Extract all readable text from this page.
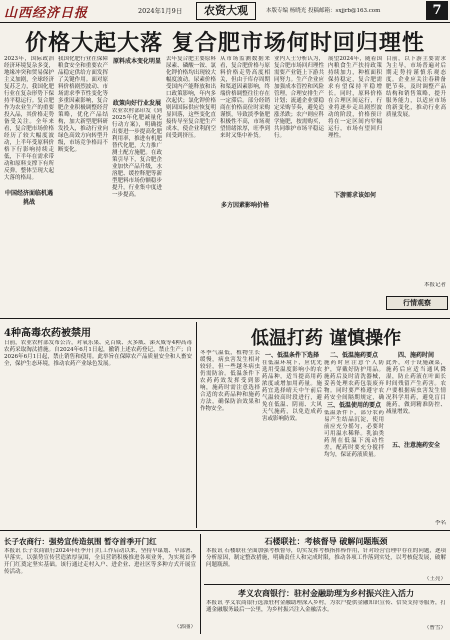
山西经济日报	2024年1月9日	农资大观	本版专编 杨晓光 投稿邮箱：sxjjrb@163.com	7
价格大起大落 复合肥市场何时回归理性
2023年，国际政治经济环境复杂多变，地缘冲突和贸易保护主义加剧，全球经济复苏乏力，我国化肥行业在复杂形势下保持平稳运行。复合肥作为农业生产的重要投入品，其价格走势备受关注。全年来看，复合肥市场价格经历了较大幅度波动，上半年受原料价格下行影响持续走低，下半年在需求带动和原料支撑下有所反弹，整体呈现大起大落的格局。
中国经济面临机遇挑战
我国化肥行业在保障粮食安全和重要农产品稳定供给方面发挥了关键作用。面对原料价格剧烈波动、市场需求季节性变化等多重因素影响，复合肥企业积极调整经营策略，优化产品结构，加大新型肥料研发投入，推动行业向绿色高效方向转型升级，市场竞争格局不断变化。
政策向好行业发展
农业农村部印发《到2025年化肥减量化行动方案》，明确提出要进一步提高化肥利用率，推进有机肥替代化肥，大力推广测土配方施肥。在政策引导下，复合肥企业加快产品升级，水溶肥、缓控释肥等新型肥料市场份额稳步提升，行业集中度进一步提高。
原料成本变化明显 去年复合肥主要原料尿素、磷酸一铵、氯化钾价格均出现较大幅度波动。尿素价格受国内产能释放和出口政策影响，年内多次起伏；氯化钾价格则因国际供应恢复明显回落，这些变化直接传导至复合肥生产成本，使企业利润空间受到挤压。
从市场监测数据来看，复合肥价格与原料价格走势高度相关，但由于库存周期和渠道因素影响，终端价格调整往往存在一定滞后。部分经销商在价格高位时采购谨慎，导致淡季备肥积极性不高，市场观望情绪浓厚，旺季到来时又集中补货。
多方因素影响价格
业内人士分析认为，复合肥市场回归理性需要产业链上下游共同努力。生产企业应加强成本管控和风险管理，合理安排生产计划；流通企业要稳定采购节奏，避免追涨杀跌；农户则应科学施肥，按需购买，共同维护市场平稳运行。
展望2024年，随着国内粮食生产扶持政策持续加力，种植面积保持稳定，复合肥需求有望保持平稳增长。同时，原料价格在合理区间运行，行业将逐步走出剧烈波动的阶段，价格预计将在一定区间内窄幅运行，市场有望回归理性。
下游需求该如何
目前，以下游主要需求为主导，市场普遍对后期走势持谨慎乐观态度。企业应关注春耕备肥节奏，及时调整产品结构和销售策略，提升服务能力，以适应市场的新变化，推动行业高质量发展。
本报记者
行情观察
4种高毒农药被禁用
日前，农业农村部发布公告，对氧乐果、克百威、灭多威、涕灭威等4种高毒农药采取淘汰措施。自2024年6月1日起，撤销上述农药登记，禁止生产；自2026年6月1日起，禁止销售和使用。此举旨在保障农产品质量安全和人畜安全，保护生态环境，推动农药产业绿色发展。
低温打药 谨慎操作
冬季气温低，植物生长缓慢，病虫害发生相对较轻，但一些越冬病虫仍需防治。低温条件下农药药效发挥受到影响，施药时需注意选择合适的农药品种和施药方法，确保防治效果和作物安全。
一、低温条件下选择
在低温环境下，应优先选用受温度影响小的农药品种，适当提高用药浓度或增加用药量。施药宜选择晴天中午前后气温较高时段进行，避免在低温、阴雨、大风天气施药，以免造成药害或影响防效。
二、低温施药要点
三、低温使用的要点
施药时应注意个人防护，穿戴好防护用品。施药后及时清洗器械，妥善处理农药包装废弃物。同时要严格遵守农药安全间隔期规定，确
低温条件下，部分农药易产生结晶沉淀，使用前应充分摇匀，必要时可用温水稀释。乳油类药剂在低温下流动性差，配药时要充分搅拌均匀，保证药液质量。
四、施药时间
五、注意施药安全
此外，对于设施蔬菜，施药后应适当通风降湿，防止药液在叶面长时间残留产生药害。农户要根据病虫害发生情况科学用药，避免盲目施药，做到精准防控、减量增效。
李名
长子农商行：强势宣传造氛围 暂夺首季开门红
本报讯 长子农商银行2024年旺季开门红工作启动以来，坚持早谋划、早部署、早落实，以强势宣传营造浓厚氛围，全员营销积极推进各项业务，为实现首季开门红奠定坚实基础。该行通过走村入户、进企业、进社区等多种方式开展宣传活动。
（郭丽）
石楼联社：考核督导 破解问题瓶颈
本报讯 石楼联社全面加强考核督导，切实发挥考核指挥棒作用，针对经营管理中存在的问题，逐项分析原因，制定整改措施，明确责任人和完成时限，推动各项工作落到实处，以考核促发展，破解问题瓶颈。
（王亮）
孝义农商银行：驻村金融助理为乡村振兴注入活力
本报讯 孝义农商银行选派驻村金融助理深入乡村，为农户提供金融知识宣传、信贷支持等服务，打通金融服务最后一公里，为乡村振兴注入金融活水。
（曹雪）
